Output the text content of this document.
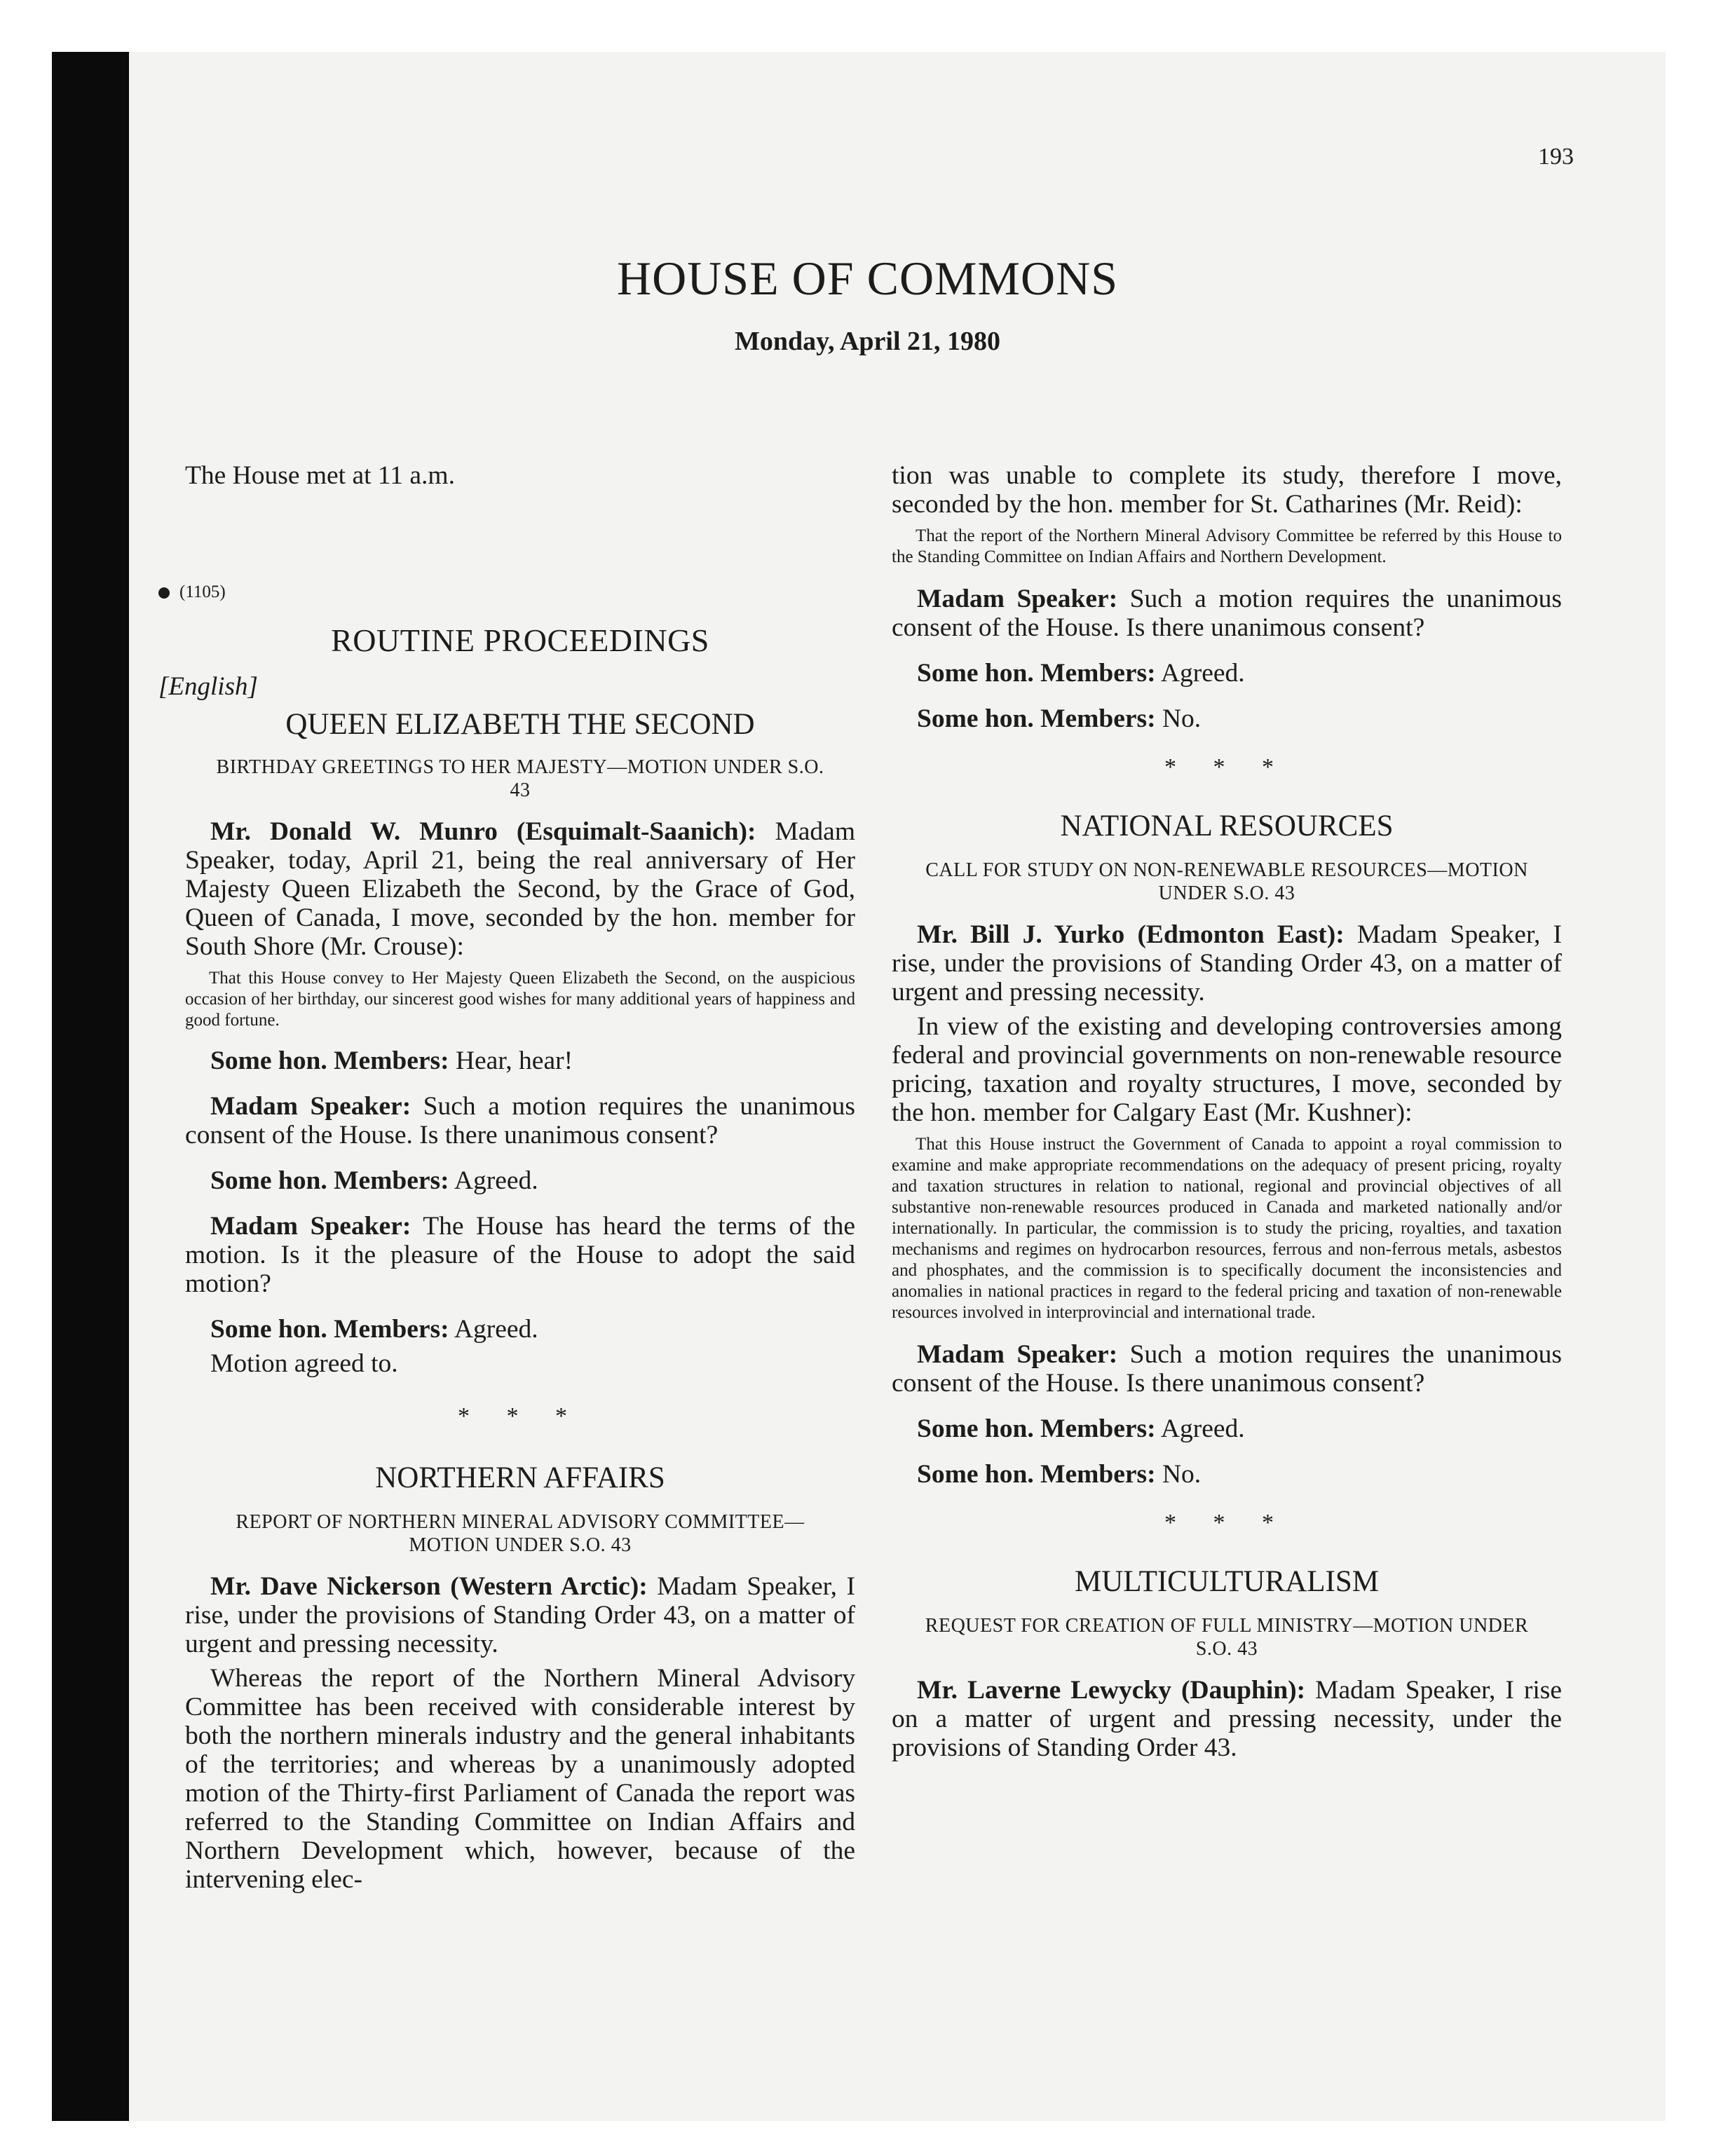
193
HOUSE OF COMMONS
Monday, April 21, 1980

The House met at 11 a.m.

(1105)
ROUTINE PROCEEDINGS
[English]
QUEEN ELIZABETH THE SECOND
BIRTHDAY GREETINGS TO HER MAJESTY—MOTION UNDER S.O. 43

Mr. Donald W. Munro (Esquimalt-Saanich): Madam Speaker, today, April 21, being the real anniversary of Her Majesty Queen Elizabeth the Second, by the Grace of God, Queen of Canada, I move, seconded by the hon. member for South Shore (Mr. Crouse):

That this House convey to Her Majesty Queen Elizabeth the Second, on the auspicious occasion of her birthday, our sincerest good wishes for many additional years of happiness and good fortune.

Some hon. Members: Hear, hear!

Madam Speaker: Such a motion requires the unanimous consent of the House. Is there unanimous consent?

Some hon. Members: Agreed.

Madam Speaker: The House has heard the terms of the motion. Is it the pleasure of the House to adopt the said motion?

Some hon. Members: Agreed.

Motion agreed to.

* * *
NORTHERN AFFAIRS
REPORT OF NORTHERN MINERAL ADVISORY COMMITTEE—MOTION UNDER S.O. 43

Mr. Dave Nickerson (Western Arctic): Madam Speaker, I rise, under the provisions of Standing Order 43, on a matter of urgent and pressing necessity.

Whereas the report of the Northern Mineral Advisory Committee has been received with considerable interest by both the northern minerals industry and the general inhabitants of the territories; and whereas by a unanimously adopted motion of the Thirty-first Parliament of Canada the report was referred to the Standing Committee on Indian Affairs and Northern Development which, however, because of the intervening elec-

tion was unable to complete its study, therefore I move, seconded by the hon. member for St. Catharines (Mr. Reid):

That the report of the Northern Mineral Advisory Committee be referred by this House to the Standing Committee on Indian Affairs and Northern Development.

Madam Speaker: Such a motion requires the unanimous consent of the House. Is there unanimous consent?

Some hon. Members: Agreed.

Some hon. Members: No.

* * *
NATIONAL RESOURCES
CALL FOR STUDY ON NON-RENEWABLE RESOURCES—MOTION UNDER S.O. 43

Mr. Bill J. Yurko (Edmonton East): Madam Speaker, I rise, under the provisions of Standing Order 43, on a matter of urgent and pressing necessity.

In view of the existing and developing controversies among federal and provincial governments on non-renewable resource pricing, taxation and royalty structures, I move, seconded by the hon. member for Calgary East (Mr. Kushner):

That this House instruct the Government of Canada to appoint a royal commission to examine and make appropriate recommendations on the adequacy of present pricing, royalty and taxation structures in relation to national, regional and provincial objectives of all substantive non-renewable resources produced in Canada and marketed nationally and/or internationally. In particular, the commission is to study the pricing, royalties, and taxation mechanisms and regimes on hydrocarbon resources, ferrous and non-ferrous metals, asbestos and phosphates, and the commission is to specifically document the inconsistencies and anomalies in national practices in regard to the federal pricing and taxation of non-renewable resources involved in interprovincial and international trade.

Madam Speaker: Such a motion requires the unanimous consent of the House. Is there unanimous consent?

Some hon. Members: Agreed.

Some hon. Members: No.

* * *
MULTICULTURALISM
REQUEST FOR CREATION OF FULL MINISTRY—MOTION UNDER S.O. 43

Mr. Laverne Lewycky (Dauphin): Madam Speaker, I rise on a matter of urgent and pressing necessity, under the provisions of Standing Order 43.
